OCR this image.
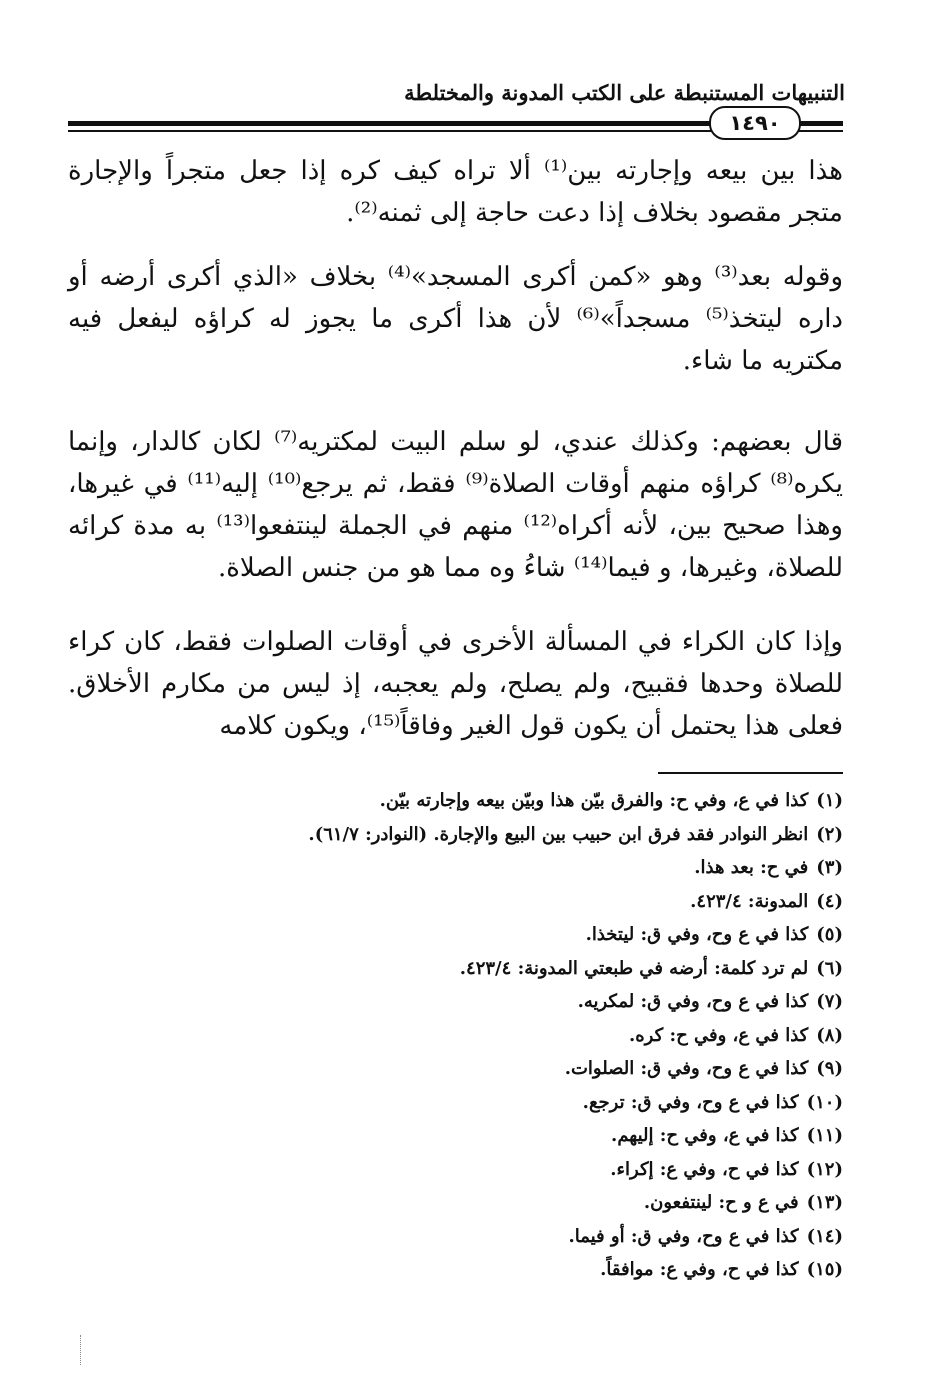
التنبيهات المستنبطة على الكتب المدونة والمختلطة
١٤٩٠

هذا بين بيعه وإجارته بين⁽¹⁾ ألا تراه كيف كره إذا جعل متجراً والإجارة متجر مقصود بخلاف إذا دعت حاجة إلى ثمنه⁽²⁾.

وقوله بعد⁽³⁾ وهو «كمن أكرى المسجد»⁽⁴⁾ بخلاف «الذي أكرى أرضه أو داره ليتخذ⁽⁵⁾ مسجداً»⁽⁶⁾ لأن هذا أكرى ما يجوز له كراؤه ليفعل فيه مكتريه ما شاء.

قال بعضهم: وكذلك عندي، لو سلم البيت لمكتريه⁽⁷⁾ لكان كالدار، وإنما يكره⁽⁸⁾ كراؤه منهم أوقات الصلاة⁽⁹⁾ فقط، ثم يرجع⁽¹⁰⁾ إليه⁽¹¹⁾ في غيرها، وهذا صحيح بين، لأنه أكراه⁽¹²⁾ منهم في الجملة لينتفعوا⁽¹³⁾ به مدة كرائه للصلاة، وغيرها، و فيما⁽¹⁴⁾ شاءُ وه مما هو من جنس الصلاة.

وإذا كان الكراء في المسألة الأخرى في أوقات الصلوات فقط، كان كراء للصلاة وحدها فقبيح، ولم يصلح، ولم يعجبه، إذ ليس من مكارم الأخلاق. فعلى هذا يحتمل أن يكون قول الغير وفاقاً⁽¹⁵⁾، ويكون كلامه

(١)كذا في ع، وفي ح: والفرق بيّن هذا وبيّن بيعه وإجارته بيّن.
(٢)انظر النوادر فقد فرق ابن حبيب بين البيع والإجارة. (النوادر: ٦١/٧).
(٣)في ح: بعد هذا.
(٤)المدونة: ٤٢٣/٤.
(٥)كذا في ع وح، وفي ق: ليتخذا.
(٦)لم ترد كلمة: أرضه في طبعتي المدونة: ٤٢٣/٤.
(٧)كذا في ع وح، وفي ق: لمكريه.
(٨)كذا في ع، وفي ح: كره.
(٩)كذا في ع وح، وفي ق: الصلوات.
(١٠)كذا في ع وح، وفي ق: ترجع.
(١١)كذا في ع، وفي ح: إليهم.
(١٢)كذا في ح، وفي ع: إكراء.
(١٣)في ع و ح: لينتفعون.
(١٤)كذا في ع وح، وفي ق: أو فيما.
(١٥)كذا في ح، وفي ع: موافقاً.
